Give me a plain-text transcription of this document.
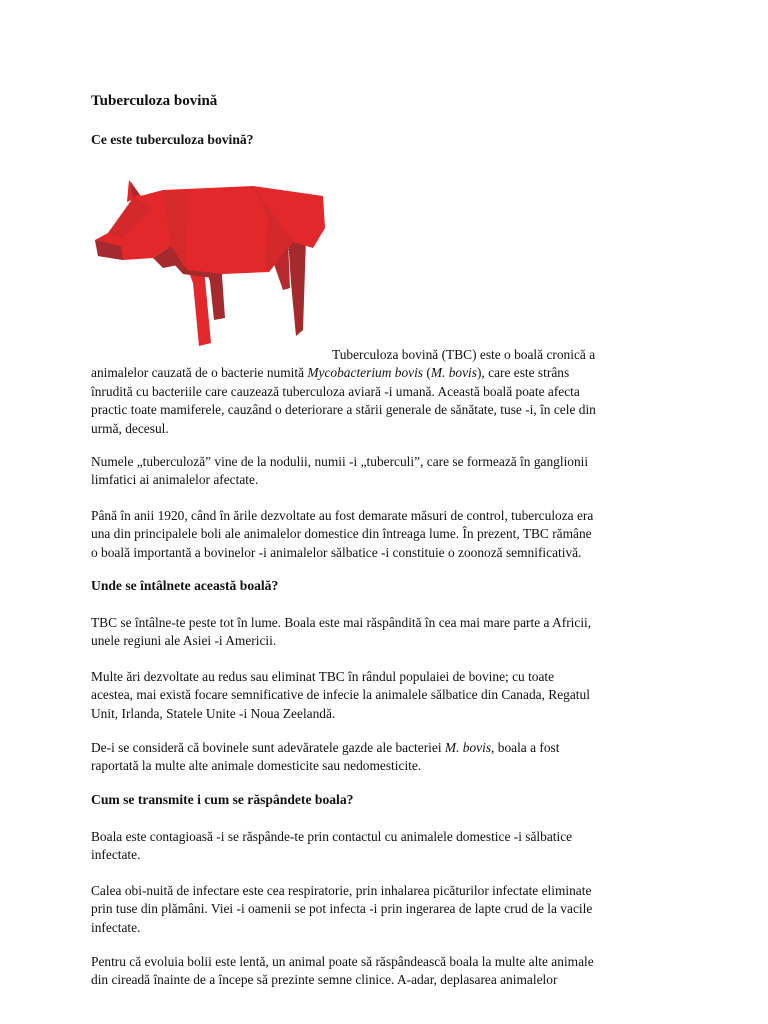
Tuberculoza bovină
Ce este tuberculoza bovină?

Tuberculoza bovină (TBC) este o boală cronică a
animalelor cauzată de o bacterie numită Mycobacterium bovis (M. bovis), care este strâns
înrudită cu bacteriile care cauzează tuberculoza aviară -i umană. Această boală poate afecta
practic toate mamiferele, cauzând o deteriorare a stării generale de sănătate, tuse -i, în cele din
urmă, decesul.

Numele „tuberculoză” vine de la nodulii, numii -i „tuberculi”, care se formează în ganglionii
limfatici ai animalelor afectate.

Până în anii 1920, când în ările dezvoltate au fost demarate măsuri de control, tuberculoza era
una din principalele boli ale animalelor domestice din întreaga lume. În prezent, TBC rămâne
o boală importantă a bovinelor -i animalelor sălbatice -i constituie o zoonoză semnificativă.

Unde se întâlnete această boală?

TBC se întâlne-te peste tot în lume. Boala este mai răspândită în cea mai mare parte a Africii,
unele regiuni ale Asiei -i Americii.

Multe ări dezvoltate au redus sau eliminat TBC în rândul populaiei de bovine; cu toate
acestea, mai există focare semnificative de infecie la animalele sălbatice din Canada, Regatul
Unit, Irlanda, Statele Unite -i Noua Zeelandă.

De-i se consideră că bovinele sunt adevăratele gazde ale bacteriei M. bovis, boala a fost
raportată la multe alte animale domesticite sau nedomesticite.

Cum se transmite i cum se răspândete boala?

Boala este contagioasă -i se răspânde-te prin contactul cu animalele domestice -i sălbatice
infectate.

Calea obi-nuită de infectare este cea respiratorie, prin inhalarea picăturilor infectate eliminate
prin tuse din plămâni. Viei -i oamenii se pot infecta -i prin ingerarea de lapte crud de la vacile
infectate.

Pentru că evoluia bolii este lentă, un animal poate să răspândească boala la multe alte animale
din cireadă înainte de a începe să prezinte semne clinice. A-adar, deplasarea animalelor
